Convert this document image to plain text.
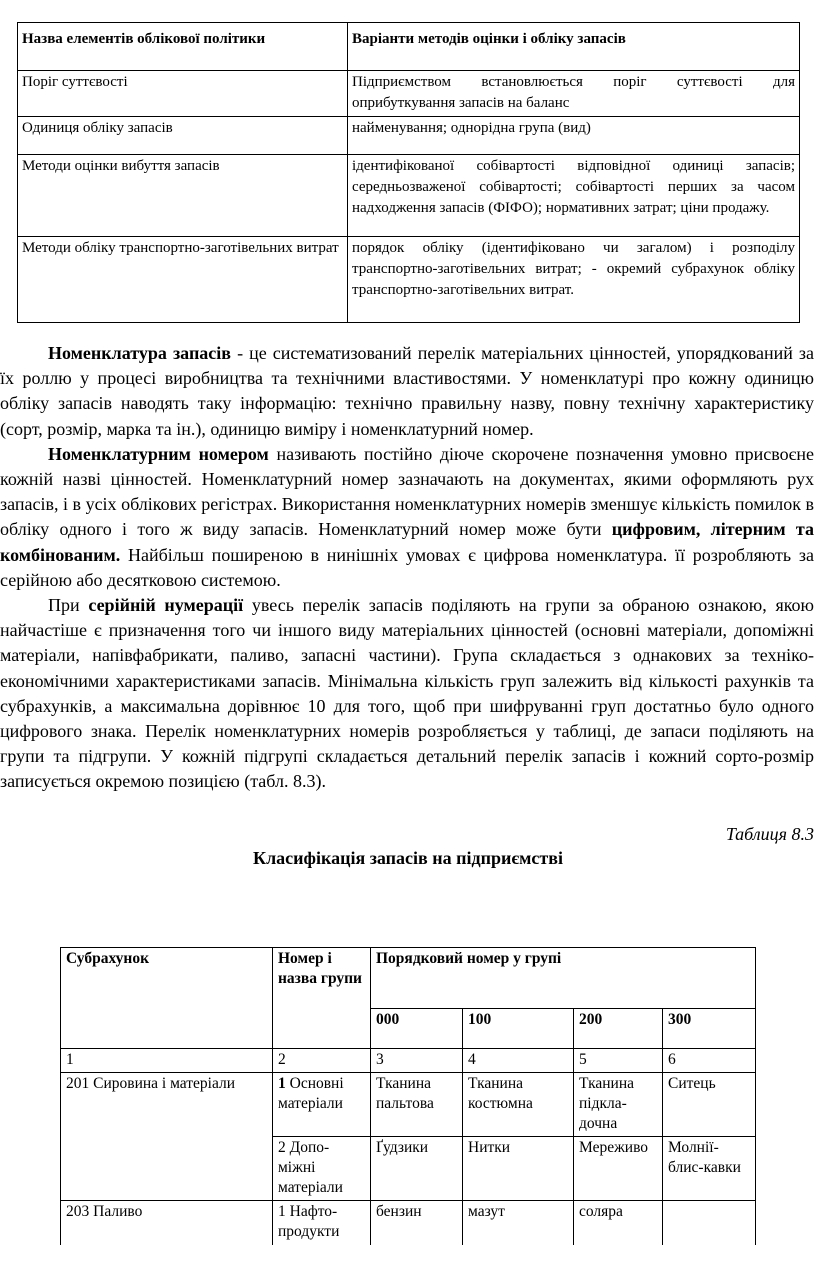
Назва елементів облікової політики	Варіанти методів оцінки і обліку запасів
Поріг суттєвості	Підприємством встановлюється поріг суттєвості для оприбуткування запасів на баланс
Одиниця обліку запасів	найменування; однорідна група (вид)
Методи оцінки вибуття запасів	ідентифікованої собівартості відповідної одиниці запасів; середньозваженої собівартості; собівартості перших за часом надходження запасів (ФІФО); нормативних затрат; ціни продажу.
Методи обліку транспортно-заготівельних витрат	порядок обліку (ідентифіковано чи загалом) і розподілу транспортно-заготівельних витрат; - окремий субрахунок обліку транспортно-заготівельних витрат.

Номенклатура запасів - це систематизований перелік матеріальних цінностей, упорядкований за їх роллю у процесі виробництва та технічними властивостями. У номенклатурі про кожну одиницю обліку запасів наводять таку інформацію: технічно правильну назву, повну технічну характеристику (сорт, розмір, марка та ін.), одиницю виміру і номенклатурний номер.

Номенклатурним номером називають постійно діюче скорочене позначення умовно присвоєне кожній назві цінностей. Номенклатурний номер зазначають на документах, якими оформляють рух запасів, і в усіх облікових регістрах. Використання номенклатурних номерів зменшує кількість помилок в обліку одного і того ж виду запасів. Номенклатурний номер може бути цифровим, літерним та комбінованим. Найбільш поширеною в нинішніх умовах є цифрова номенклатура. її розробляють за серійною або десятковою системою.

При серійній нумерації увесь перелік запасів поділяють на групи за обраною ознакою, якою найчастіше є призначення того чи іншого виду матеріальних цінностей (основні матеріали, допоміжні матеріали, напівфабрикати, паливо, запасні частини). Група складається з однакових за техніко-економічними характеристиками запасів. Мінімальна кількість груп залежить від кількості рахунків та субрахунків, а максимальна дорівнює 10 для того, щоб при шифруванні груп достатньо було одного цифрового знака. Перелік номенклатурних номерів розробляється у таблиці, де запаси поділяють на групи та підгрупи. У кожній підгрупі складається детальний перелік запасів і кожний сорто-розмір записується окремою позицією (табл. 8.3).

Таблиця 8.3
Класифікація запасів на підприємстві
Субрахунок	Номер і назва групи	Порядковий номер у групі			
		000	100	200	300
1	2	3	4	5	6
201 Сировина і матеріали	1 Основні матеріали	Тканина пальтова	Тканина костюмна	Тканина підкла-дочна	Ситець
	2 Допо-міжні матеріали	Ґудзики	Нитки	Мереживо	Молнії-блис-кавки
203 Паливо	1 Нафто-продукти	бензин	мазут	соляра	
